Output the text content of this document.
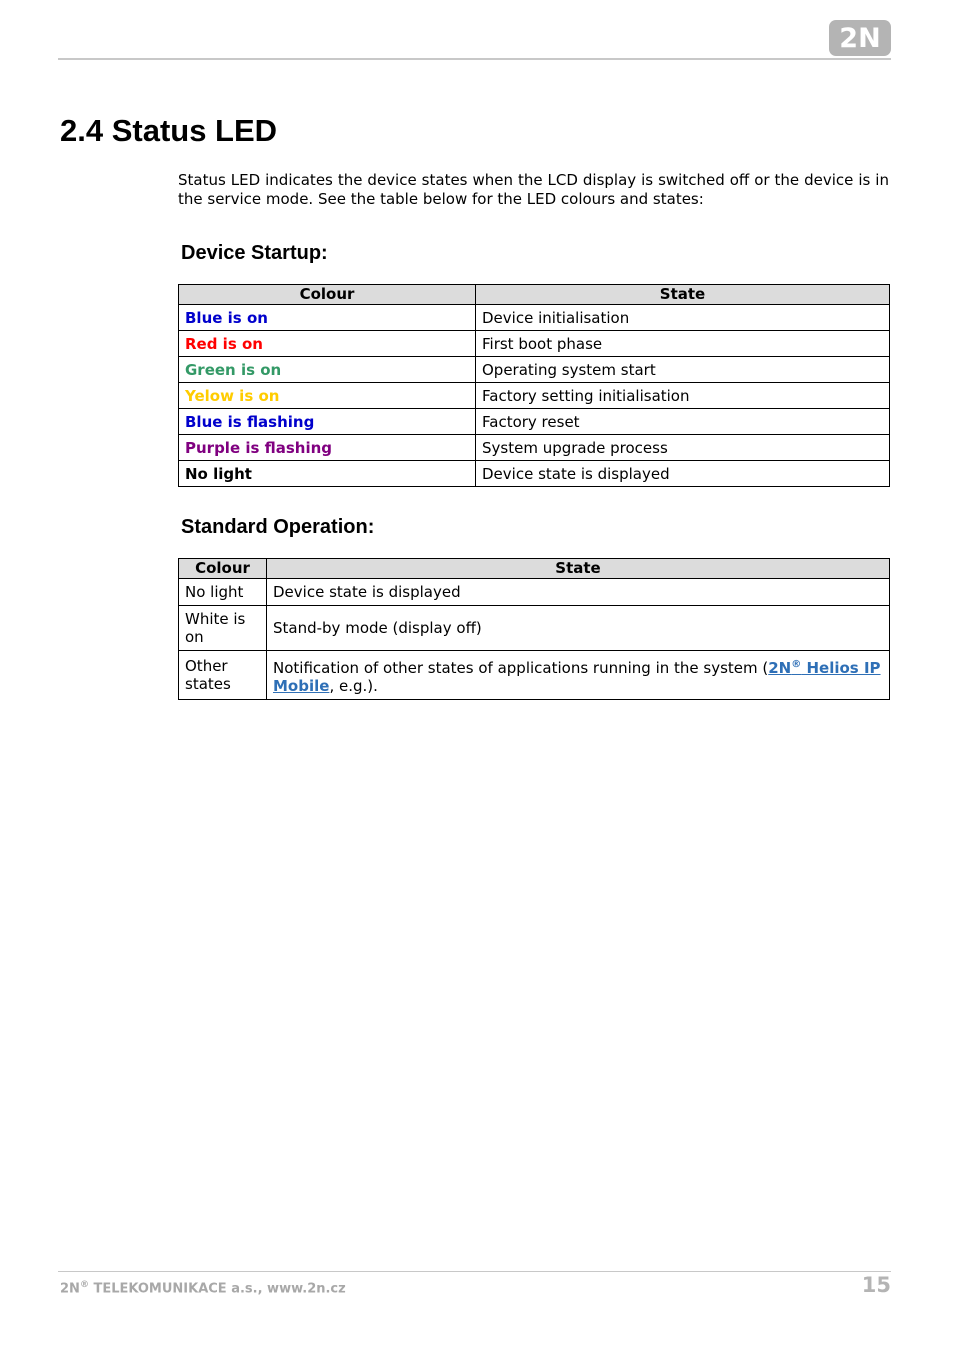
2N
2.4 Status LED

Status LED indicates the device states when the LCD display is switched off or the device is in the service mode. See the table below for the LED colours and states:

Device Startup:
Colour	State
Blue is on	Device initialisation
Red is on	First boot phase
Green is on	Operating system start
Yelow is on	Factory setting initialisation
Blue is flashing	Factory reset
Purple is flashing	System upgrade process
No light	Device state is displayed
Standard Operation:
Colour	State
No light	Device state is displayed
White is on	Stand-by mode (display off)
Other states	Notification of other states of applications running in the system (2N® Helios IP Mobile, e.g.).
2N® TELEKOMUNIKACE a.s., www.2n.cz	15
